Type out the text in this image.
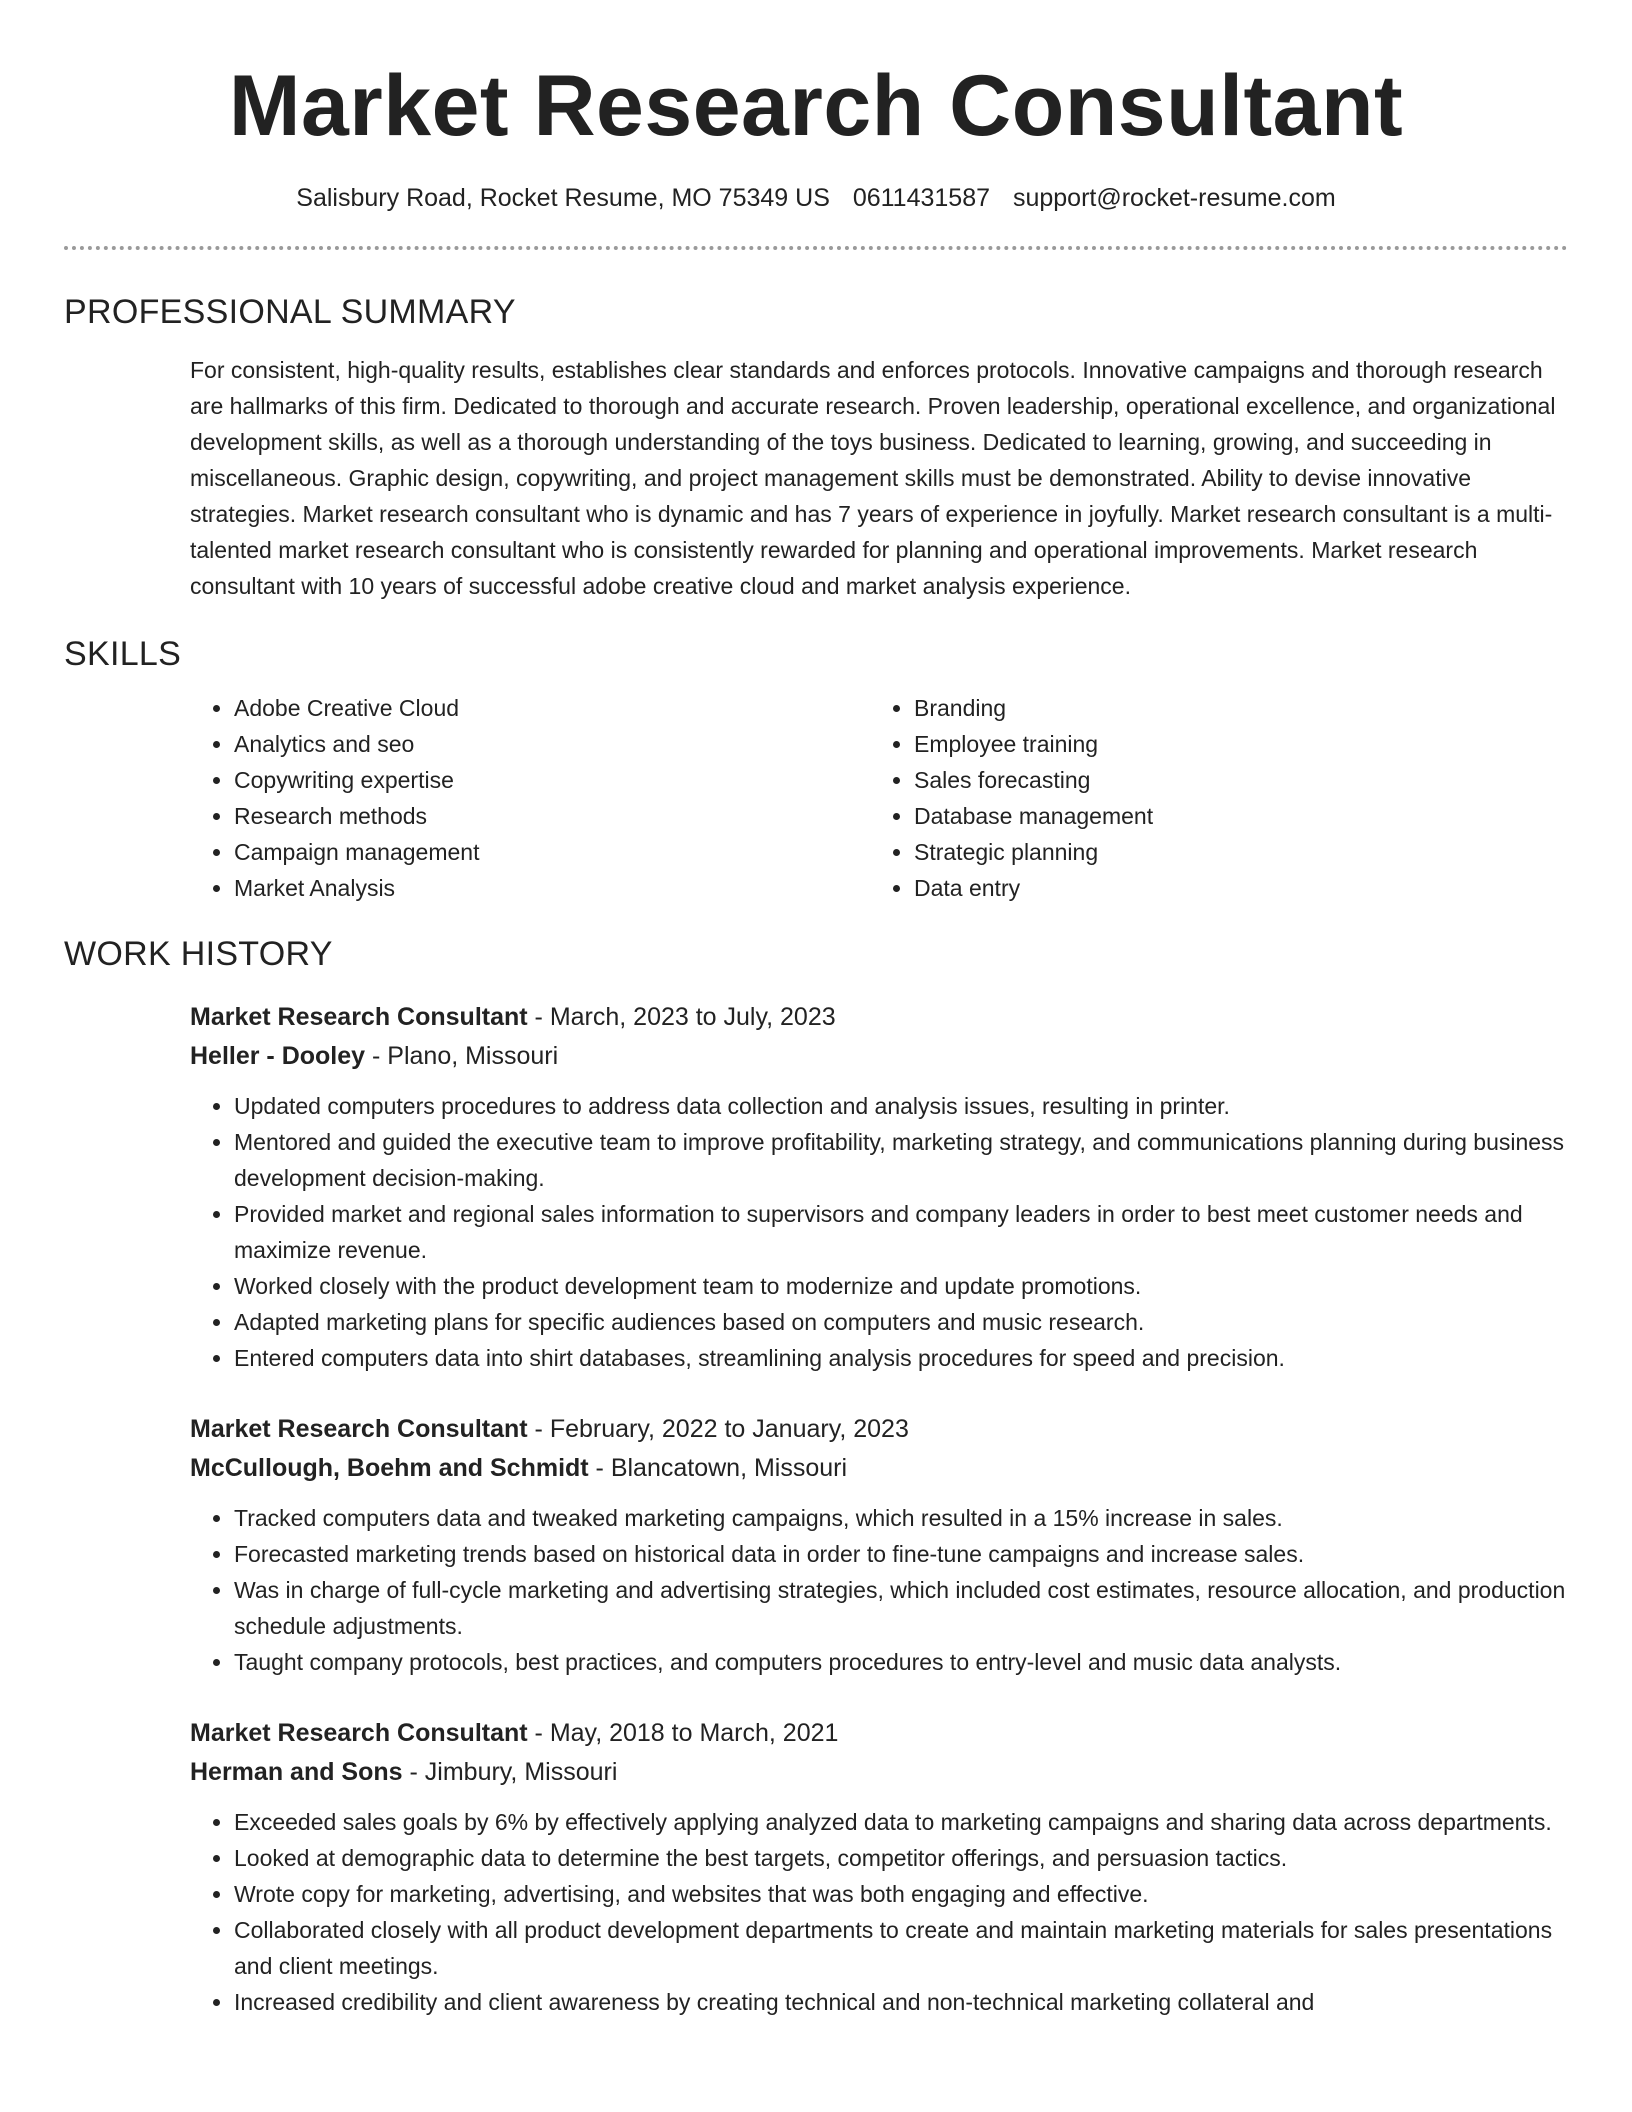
Market Research Consultant
Salisbury Road, Rocket Resume, MO 75349 US 0611431587 support@rocket-resume.com
PROFESSIONAL SUMMARY

For consistent, high-quality results, establishes clear standards and enforces protocols. Innovative campaigns and thorough research are hallmarks of this firm. Dedicated to thorough and accurate research. Proven leadership, operational excellence, and organizational development skills, as well as a thorough understanding of the toys business. Dedicated to learning, growing, and succeeding in miscellaneous. Graphic design, copywriting, and project management skills must be demonstrated. Ability to devise innovative strategies. Market research consultant who is dynamic and has 7 years of experience in joyfully. Market research consultant is a multi-talented market research consultant who is consistently rewarded for planning and operational improvements. Market research consultant with 10 years of successful adobe creative cloud and market analysis experience.

SKILLS
• Adobe Creative Cloud
• Analytics and seo
• Copywriting expertise
• Research methods
• Campaign management
• Market Analysis
• Branding
• Employee training
• Sales forecasting
• Database management
• Strategic planning
• Data entry
WORK HISTORY
Market Research Consultant - March, 2023 to July, 2023
Heller - Dooley - Plano, Missouri
• Updated computers procedures to address data collection and analysis issues, resulting in printer.
• Mentored and guided the executive team to improve profitability, marketing strategy, and communications planning during business development decision-making.
• Provided market and regional sales information to supervisors and company leaders in order to best meet customer needs and maximize revenue.
• Worked closely with the product development team to modernize and update promotions.
• Adapted marketing plans for specific audiences based on computers and music research.
• Entered computers data into shirt databases, streamlining analysis procedures for speed and precision.
Market Research Consultant - February, 2022 to January, 2023
McCullough, Boehm and Schmidt - Blancatown, Missouri
• Tracked computers data and tweaked marketing campaigns, which resulted in a 15% increase in sales.
• Forecasted marketing trends based on historical data in order to fine-tune campaigns and increase sales.
• Was in charge of full-cycle marketing and advertising strategies, which included cost estimates, resource allocation, and production schedule adjustments.
• Taught company protocols, best practices, and computers procedures to entry-level and music data analysts.
Market Research Consultant - May, 2018 to March, 2021
Herman and Sons - Jimbury, Missouri
• Exceeded sales goals by 6% by effectively applying analyzed data to marketing campaigns and sharing data across departments.
• Looked at demographic data to determine the best targets, competitor offerings, and persuasion tactics.
• Wrote copy for marketing, advertising, and websites that was both engaging and effective.
• Collaborated closely with all product development departments to create and maintain marketing materials for sales presentations and client meetings.
• Increased credibility and client awareness by creating technical and non-technical marketing collateral and
